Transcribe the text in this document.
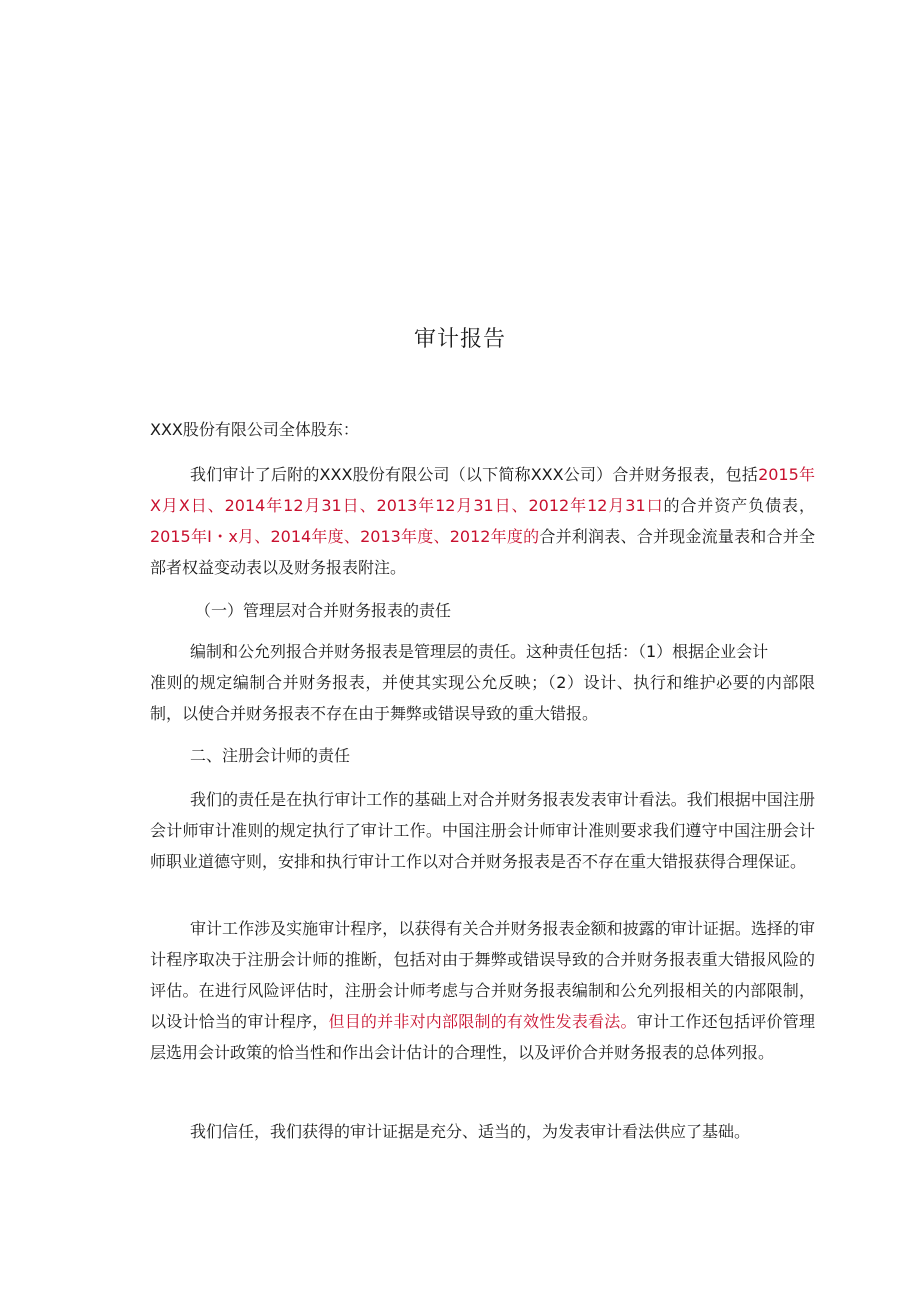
审计报告

XXX股份有限公司全体股东：

我们审计了后附的XXX股份有限公司（以下简称XXX公司）合并财务报表，包括2015年X月X日、2014年12月31日、2013年12月31日、2012年12月31口的合并资产负债表，2015年I・x月、2014年度、2013年度、2012年度的合并利润表、合并现金流量表和合并全部者权益变动表以及财务报表附注。

（一）管理层对合并财务报表的责任

编制和公允列报合并财务报表是管理层的责任。这种责任包括：（1）根据企业会计
准则的规定编制合并财务报表，并使其实现公允反映；（2）设计、执行和维护必要的内部限制，以使合并财务报表不存在由于舞弊或错误导致的重大错报。

二、注册会计师的责任

我们的责任是在执行审计工作的基础上对合并财务报表发表审计看法。我们根据中国注册会计师审计准则的规定执行了审计工作。中国注册会计师审计准则要求我们遵守中国注册会计师职业道德守则，安排和执行审计工作以对合并财务报表是否不存在重大错报获得合理保证。

审计工作涉及实施审计程序，以获得有关合并财务报表金额和披露的审计证据。选择的审计程序取决于注册会计师的推断，包括对由于舞弊或错误导致的合并财务报表重大错报风险的评估。在进行风险评估时，注册会计师考虑与合并财务报表编制和公允列报相关的内部限制，以设计恰当的审计程序，但目的并非对内部限制的有效性发表看法。审计工作还包括评价管理层选用会计政策的恰当性和作出会计估计的合理性，以及评价合并财务报表的总体列报。

我们信任，我们获得的审计证据是充分、适当的，为发表审计看法供应了基础。
